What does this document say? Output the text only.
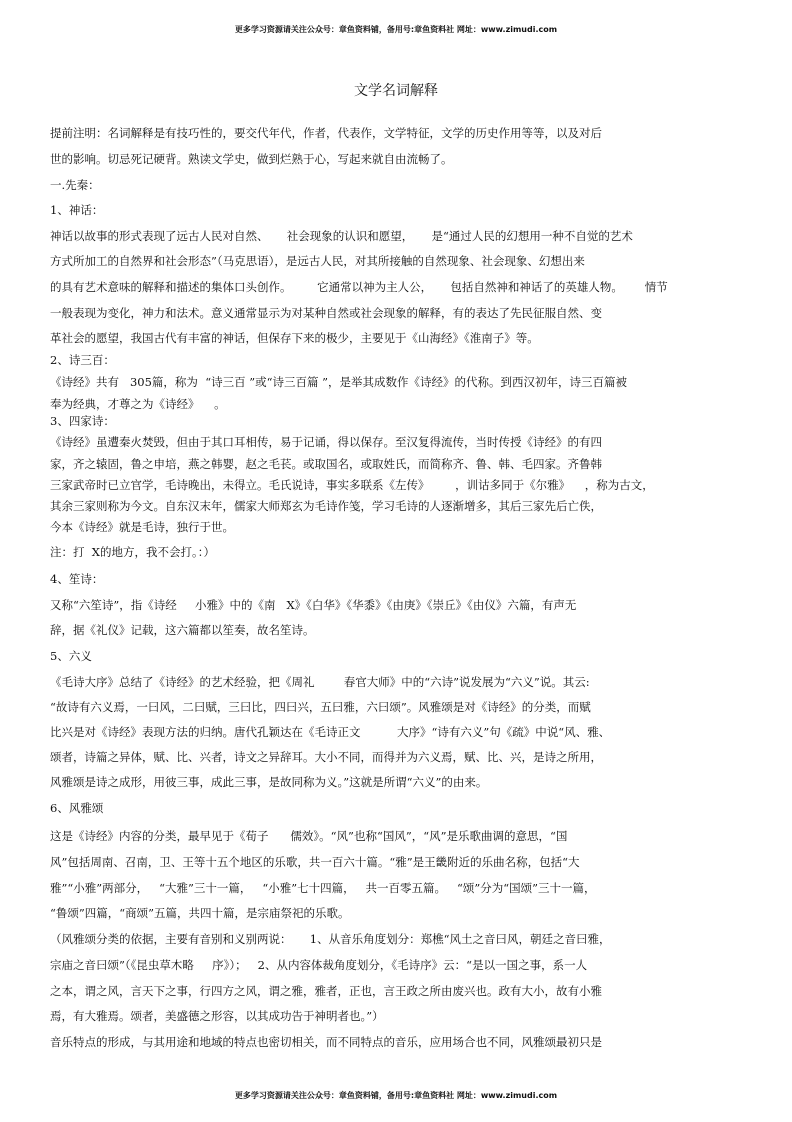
更多学习资源请关注公众号：章鱼资料铺，备用号:章鱼资料社 网址：www.zimudi.com
文学名词解释
提前注明：名词解释是有技巧性的，要交代年代，作者，代表作，文学特征，文学的历史作用等等，以及对后
世的影响。切忌死记硬背。熟读文学史，做到烂熟于心，写起来就自由流畅了。
一.先秦：
1、神话：
神话以故事的形式表现了远古人民对自然、     社会现象的认识和愿望，     是“通过人民的幻想用一种不自觉的艺术
方式所加工的自然界和社会形态”（马克思语），是远古人民，对其所接触的自然现象、社会现象、幻想出来
的具有艺术意味的解释和描述的集体口头创作。       它通常以神为主人公，     包括自然神和神话了的英雄人物。      情节
一般表现为变化，神力和法术。意义通常显示为对某种自然或社会现象的解释，有的表达了先民征服自然、变
革社会的愿望，我国古代有丰富的神话，但保存下来的极少，主要见于《山海经》《淮南子》等。
2、诗三百：
《诗经》共有   305篇，称为  “诗三百 ”或“诗三百篇 ”，是举其成数作《诗经》的代称。到西汉初年，诗三百篇被
奉为经典，才尊之为《诗经》    。
3、四家诗：
《诗经》虽遭秦火焚毁，但由于其口耳相传，易于记诵，得以保存。至汉复得流传，当时传授《诗经》的有四
家，齐之辕固，鲁之申培，燕之韩婴，赵之毛苌。或取国名，或取姓氏，而简称齐、鲁、韩、毛四家。齐鲁韩
三家武帝时已立官学，毛诗晚出，未得立。毛氏说诗，事实多联系《左传》       ，训诂多同于《尔雅》    ，称为古文，
其余三家则称为今文。自东汉末年，儒家大师郑玄为毛诗作笺，学习毛诗的人逐渐增多，其后三家先后亡佚，
今本《诗经》就是毛诗，独行于世。
注：打  X的地方，我不会打。：）
4、笙诗：
又称“六笙诗”，指《诗经     小雅》中的《南   X》《白华》《华黍》《由庚》《崇丘》《由仪》六篇，有声无
辞，据《礼仪》记载，这六篇都以笙奏，故名笙诗。
5、六义
《毛诗大序》总结了《诗经》的艺术经验，把《周礼        春官大师》中的“六诗”说发展为“六义”说。其云:
“故诗有六义焉，一曰风，二曰赋，三曰比，四曰兴，五曰雅，六曰颂”。风雅颂是对《诗经》的分类，而赋
比兴是对《诗经》表现方法的归纳。唐代孔颖达在《毛诗正文          大序》“诗有六义”句《疏》中说“风、雅、
颂者，诗篇之异体，赋、比、兴者，诗文之异辞耳。大小不同，而得并为六义焉，赋、比、兴，是诗之所用，
风雅颂是诗之成形，用彼三事，成此三事，是故同称为义。”这就是所谓“六义”的由来。
6、风雅颂
这是《诗经》内容的分类，最早见于《荀子      儒效》。“风”也称“国风”，“风”是乐歌曲调的意思，“国
风”包括周南、召南，卫、王等十五个地区的乐歌，共一百六十篇。“雅”是王畿附近的乐曲名称，包括“大
雅”“小雅”两部分，   “大雅”三十一篇，   “小雅”七十四篇，   共一百零五篇。   “颂”分为“国颂”三十一篇，
“鲁颂”四篇，“商颂”五篇，共四十篇，是宗庙祭祀的乐歌。
（风雅颂分类的依据，主要有音别和义别两说：     1、从音乐角度划分：郑樵“风土之音曰风，朝廷之音曰雅，
宗庙之音曰颂”（《昆虫草木略     序》）；   2、从内容体裁角度划分，《毛诗序》云：“是以一国之事，系一人
之本，谓之风，言天下之事，行四方之风，谓之雅，雅者，正也，言王政之所由废兴也。政有大小，故有小雅
焉，有大雅焉。颂者，美盛德之形容，以其成功告于神明者也。”）
音乐特点的形成，与其用途和地域的特点也密切相关，而不同特点的音乐，应用场合也不同，风雅颂最初只是
更多学习资源请关注公众号：章鱼资料铺，备用号:章鱼资料社 网址：www.zimudi.com
